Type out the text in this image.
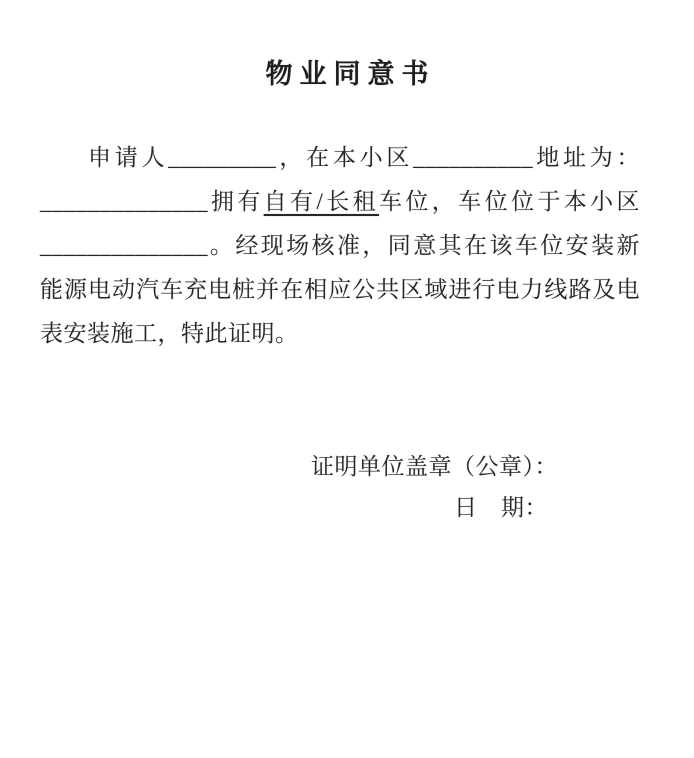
物业同意书
申请人_________，在本小区__________地址为：
______________拥有自有/长租车位，车位位于本小区
______________。经现场核准，同意其在该车位安装新
能源电动汽车充电桩并在相应公共区域进行电力线路及电
表安装施工，特此证明。
证明单位盖章（公章）：
日　期：
